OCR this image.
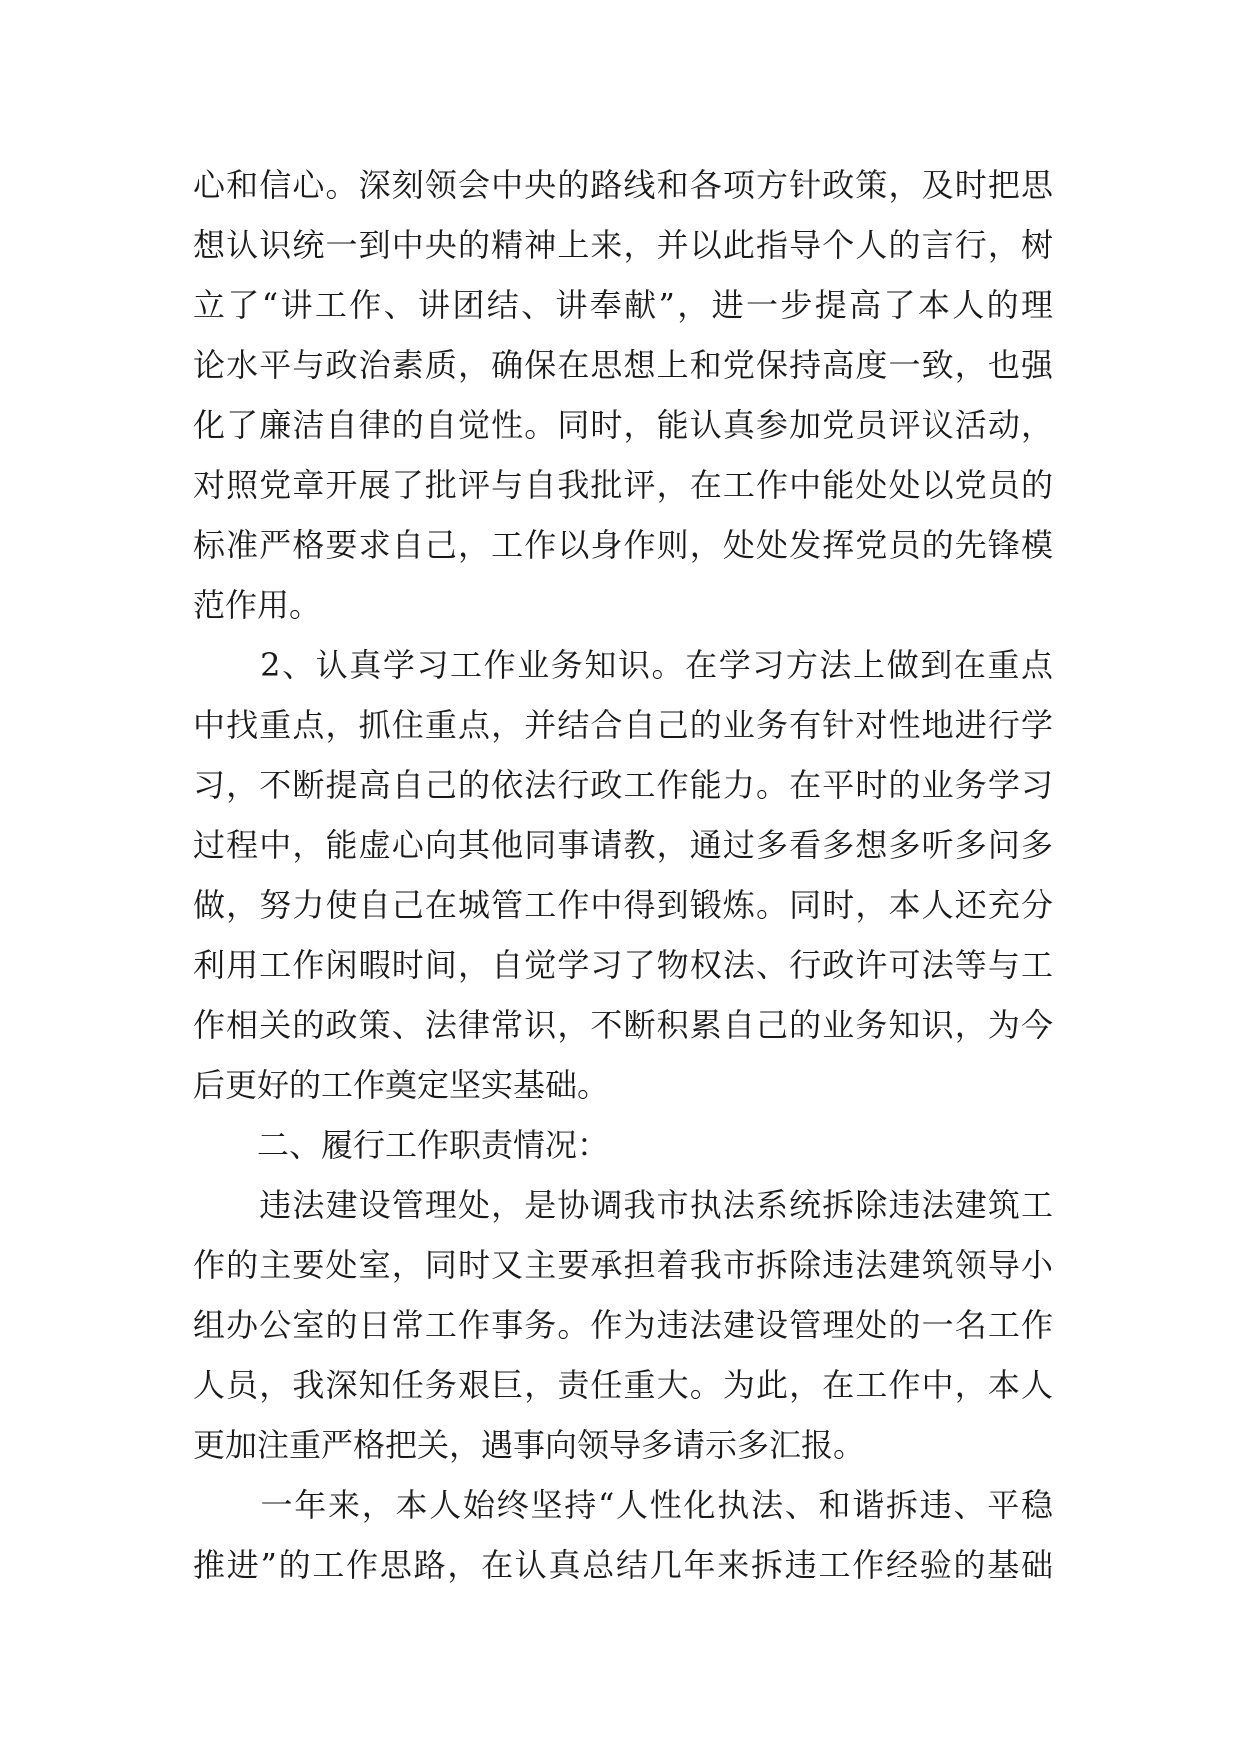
心和信心。深刻领会中央的路线和各项方针政策，及时把思
想认识统一到中央的精神上来，并以此指导个人的言行，树
立了“讲工作、讲团结、讲奉献”，进一步提高了本人的理
论水平与政治素质，确保在思想上和党保持高度一致，也强
化了廉洁自律的自觉性。同时，能认真参加党员评议活动，
对照党章开展了批评与自我批评，在工作中能处处以党员的
标准严格要求自己，工作以身作则，处处发挥党员的先锋模
范作用。
　　2、认真学习工作业务知识。在学习方法上做到在重点
中找重点，抓住重点，并结合自己的业务有针对性地进行学
习，不断提高自己的依法行政工作能力。在平时的业务学习
过程中，能虚心向其他同事请教，通过多看多想多听多问多
做，努力使自己在城管工作中得到锻炼。同时，本人还充分
利用工作闲暇时间，自觉学习了物权法、行政许可法等与工
作相关的政策、法律常识，不断积累自己的业务知识，为今
后更好的工作奠定坚实基础。
　　二、履行工作职责情况：
　　违法建设管理处，是协调我市执法系统拆除违法建筑工
作的主要处室，同时又主要承担着我市拆除违法建筑领导小
组办公室的日常工作事务。作为违法建设管理处的一名工作
人员，我深知任务艰巨，责任重大。为此，在工作中，本人
更加注重严格把关，遇事向领导多请示多汇报。
　　一年来，本人始终坚持“人性化执法、和谐拆违、平稳
推进”的工作思路，在认真总结几年来拆违工作经验的基础
